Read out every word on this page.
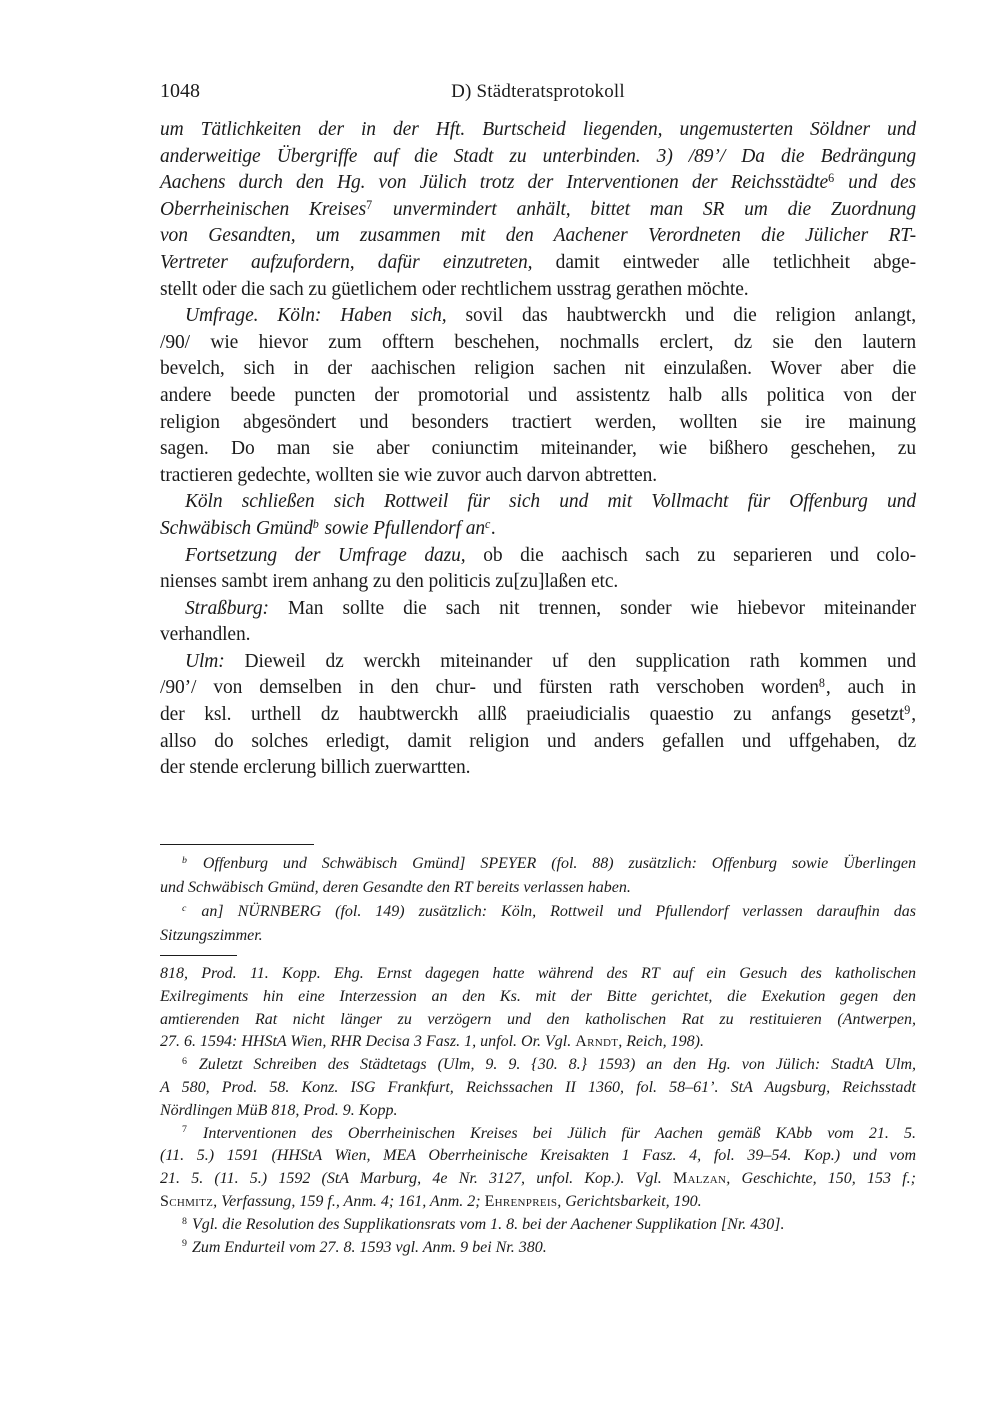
1048	D) Städteratsprotokoll
um Tätlichkeiten der in der Hft. Burtscheid liegenden, ungemusterten Söldner und
anderweitige Übergriffe auf die Stadt zu unterbinden. 3) /89’/ Da die Bedrängung
Aachens durch den Hg. von Jülich trotz der Interventionen der Reichsstädte$^6$ und des
Oberrheinischen Kreises$^7$ unvermindert anhält, bittet man SR um die Zuordnung
von Gesandten, um zusammen mit den Aachener Verordneten die Jülicher RT-
Vertreter aufzufordern, dafür einzutreten, damit eintweder alle tetlichheit abge-
stellt oder die sach zu güetlichem oder rechtlichem usstrag gerathen möchte.
Umfrage. Köln: Haben sich, sovil das haubtwerckh und die religion anlangt,
/90/ wie hievor zum offtern beschehen, nochmalls erclert, dz sie den lautern
bevelch, sich in der aachischen religion sachen nit einzulaßen. Wover aber die
andere beede puncten der promotorial und assistentz halb alls politica von der
religion abgesöndert und besonders tractiert werden, wollten sie ire mainung
sagen. Do man sie aber coniunctim miteinander, wie bißhero geschehen, zu
tractieren gedechte, wollten sie wie zuvor auch darvon abtretten.
Köln schließen sich Rottweil für sich und mit Vollmacht für Offenburg und
Schwäbisch Gmünd$^b$ sowie Pfullendorf $an^c$.
Fortsetzung der Umfrage dazu, ob die aachisch sach zu separieren und colo-
nienses sambt irem anhang zu den politicis zu[zu]laßen etc.
Straßburg: Man sollte die sach nit trennen, sonder wie hiebevor miteinander
verhandlen.
Ulm: Dieweil dz werckh miteinander uf den supplication rath kommen und
/90’/ von demselben in den chur- und fürsten rath verschoben worden$^8$, auch in
der ksl. urthell dz haubtwerckh allß praeiudicialis quaestio zu anfangs gesetzt$^9$,
allso do solches erledigt, damit religion und anders gefallen und uffgehaben, dz
der stende erclerung billich zuerwartten.
$^b$ Offenburg und Schwäbisch Gmünd] SPEYER (fol. 88) zusätzlich: Offenburg sowie Überlingen
und Schwäbisch Gmünd, deren Gesandte den RT bereits verlassen haben.
$^c$ an] NÜRNBERG (fol. 149) zusätzlich: Köln, Rottweil und Pfullendorf verlassen daraufhin das
Sitzungszimmer.
818, Prod. 11. Kopp. Ehg. Ernst dagegen hatte während des RT auf ein Gesuch des katholischen
Exilregiments hin eine Interzession an den Ks. mit der Bitte gerichtet, die Exekution gegen den
amtierenden Rat nicht länger zu verzögern und den katholischen Rat zu restituieren (Antwerpen,
27. 6. 1594: HHStA Wien, RHR Decisa 3 Fasz. 1, unfol. Or. Vgl. Arndt, Reich, 198).
$^6$ Zuletzt Schreiben des Städtetags (Ulm, 9. 9. {30. 8.} 1593) an den Hg. von Jülich: StadtA Ulm,
A 580, Prod. 58. Konz. ISG Frankfurt, Reichssachen II 1360, fol. 58–61’. StA Augsburg, Reichsstadt
Nördlingen MüB 818, Prod. 9. Kopp.
$^7$ Interventionen des Oberrheinischen Kreises bei Jülich für Aachen gemäß KAbb vom 21. 5.
(11. 5.) 1591 (HHStA Wien, MEA Oberrheinische Kreisakten 1 Fasz. 4, fol. 39–54. Kop.) und vom
21. 5. (11. 5.) 1592 (StA Marburg, 4e Nr. 3127, unfol. Kop.). Vgl. Malzan, Geschichte, 150, 153 f.;
Schmitz, Verfassung, 159 f., Anm. 4; 161, Anm. 2; Ehrenpreis, Gerichtsbarkeit, 190.
$^8$ Vgl. die Resolution des Supplikationsrats vom 1. 8. bei der Aachener Supplikation [Nr. 430].
$^9$ Zum Endurteil vom 27. 8. 1593 vgl. Anm. 9 bei Nr. 380.
